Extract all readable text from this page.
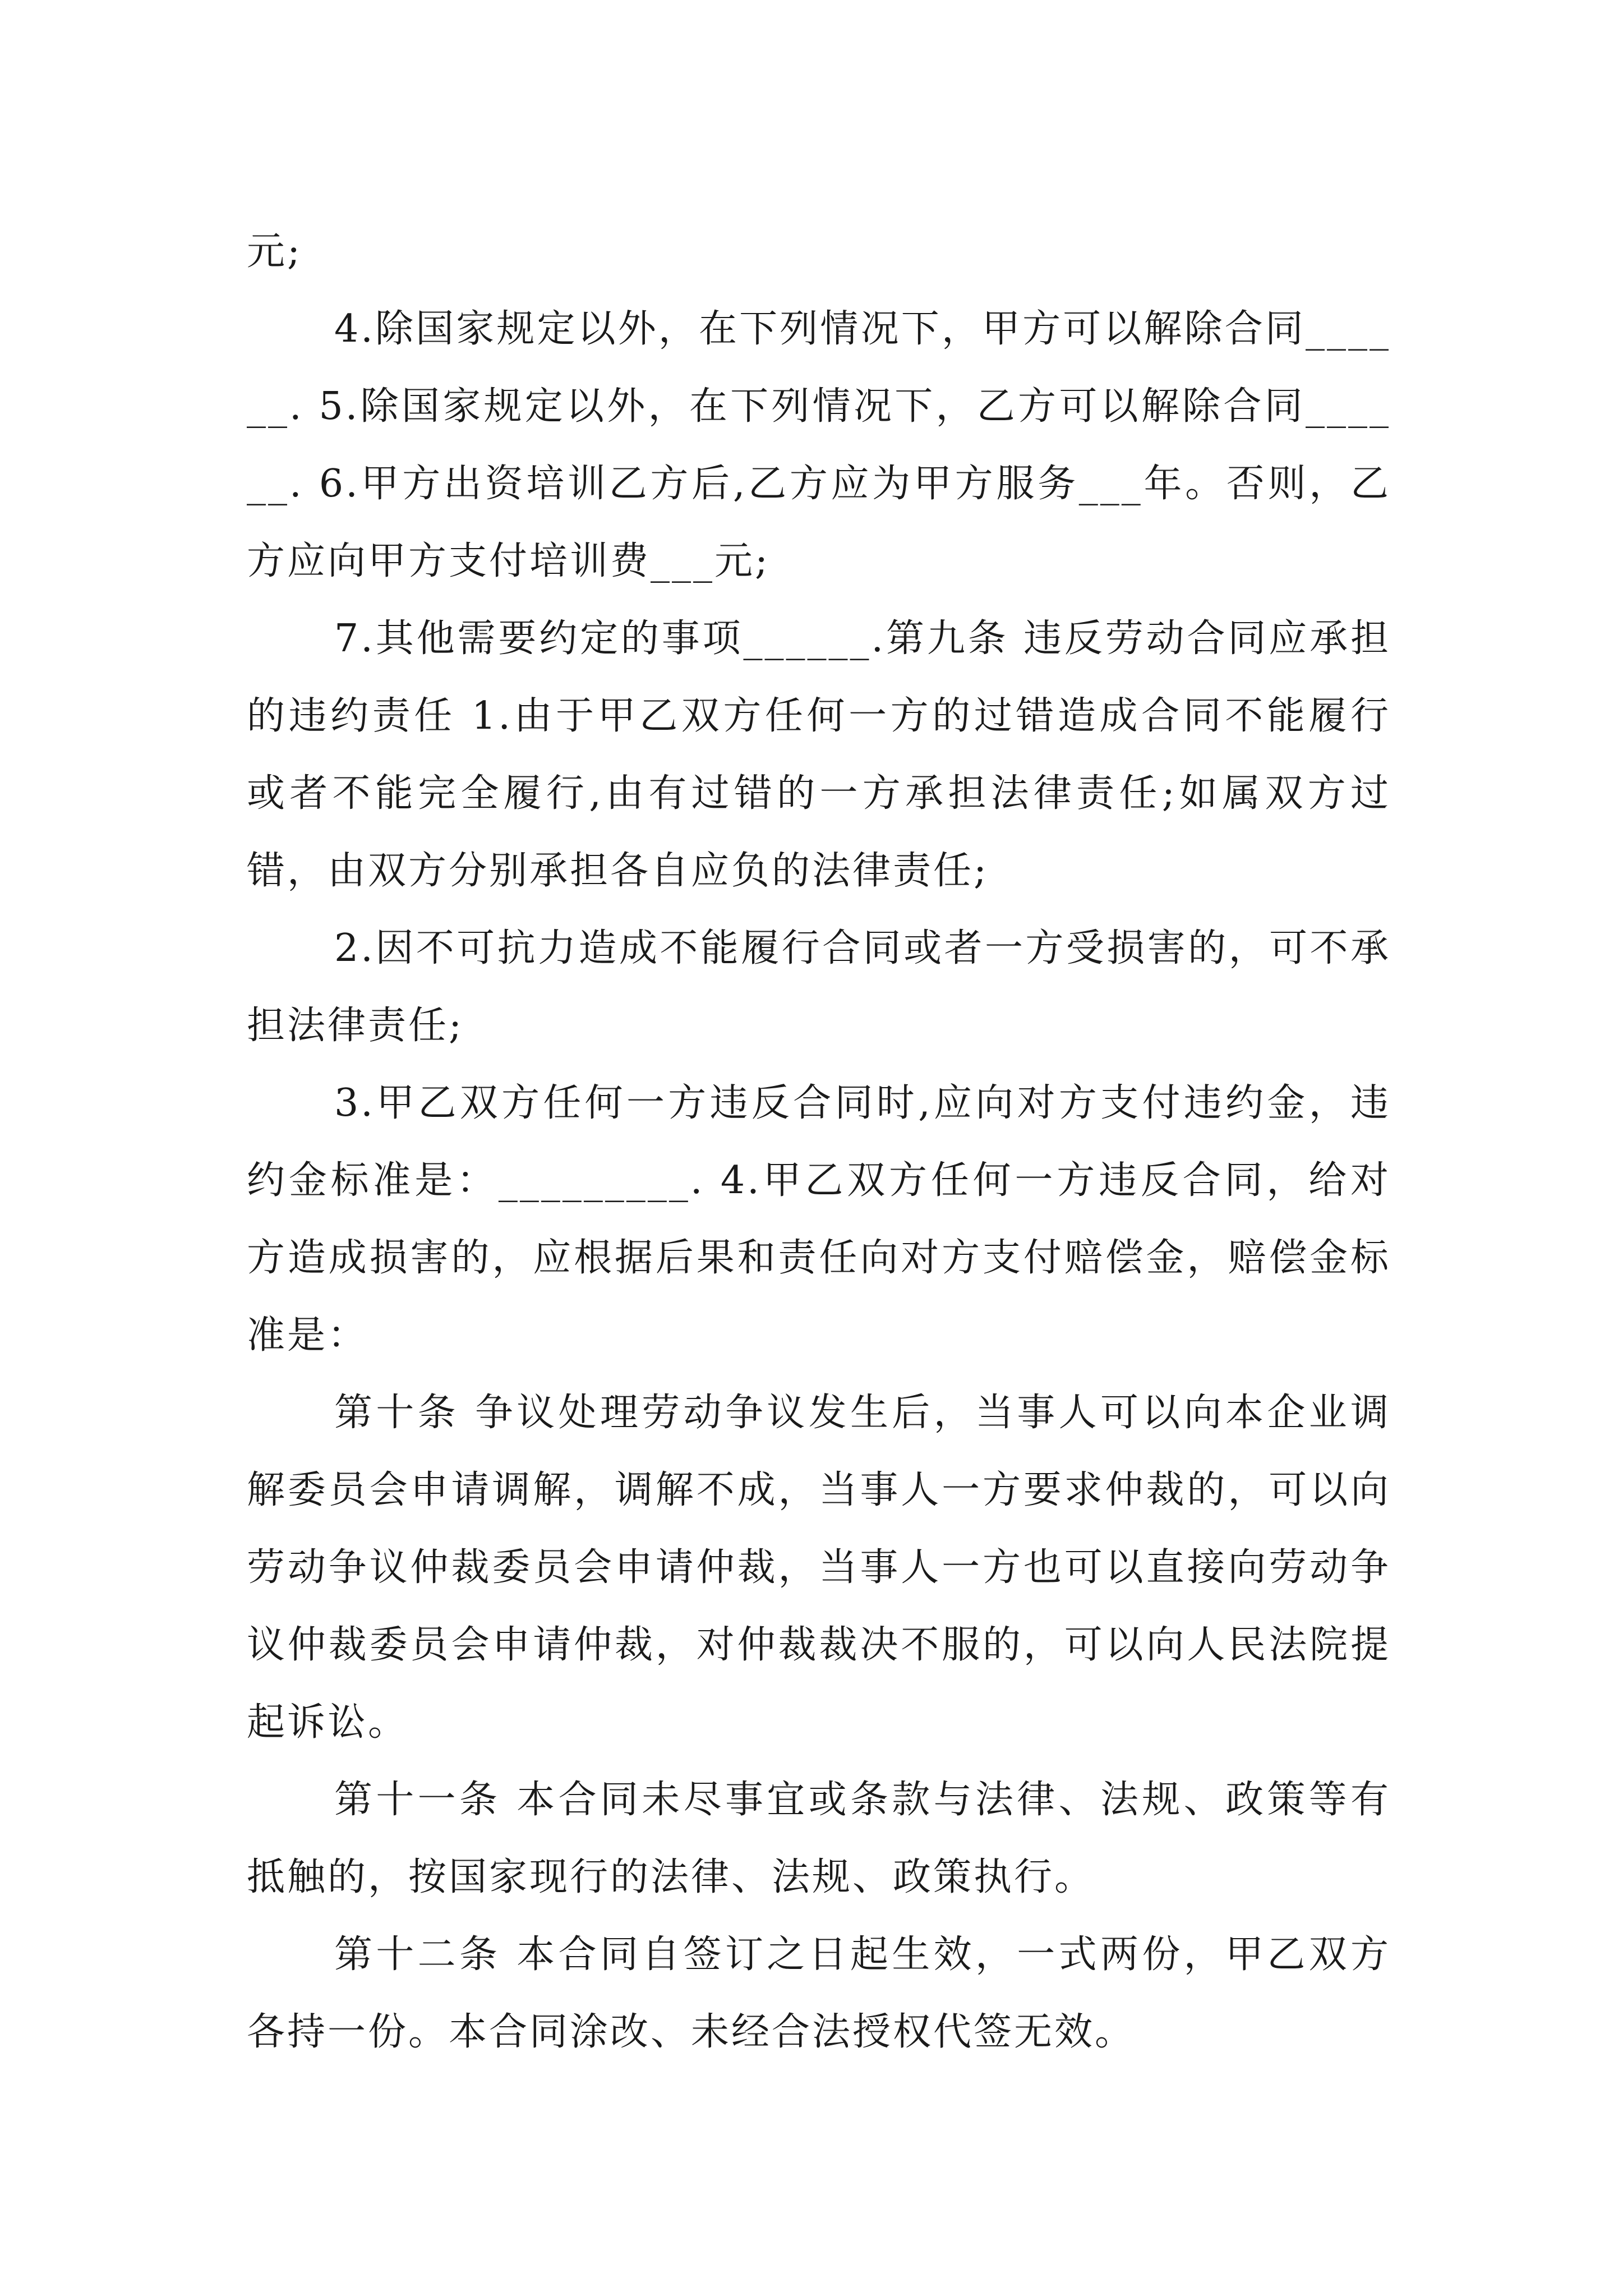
元;

4.除国家规定以外，在下列情况下，甲方可以解除合同______. 5.除国家规定以外，在下列情况下，乙方可以解除合同______. 6.甲方出资培训乙方后,乙方应为甲方服务___年。否则，乙方应向甲方支付培训费___元;

7.其他需要约定的事项______.第九条 违反劳动合同应承担的违约责任 1.由于甲乙双方任何一方的过错造成合同不能履行或者不能完全履行,由有过错的一方承担法律责任;如属双方过错，由双方分别承担各自应负的法律责任;

2.因不可抗力造成不能履行合同或者一方受损害的，可不承担法律责任;

3.甲乙双方任何一方违反合同时,应向对方支付违约金，违约金标准是：_________. 4.甲乙双方任何一方违反合同，给对方造成损害的，应根据后果和责任向对方支付赔偿金，赔偿金标准是：

第十条 争议处理劳动争议发生后，当事人可以向本企业调解委员会申请调解，调解不成，当事人一方要求仲裁的，可以向劳动争议仲裁委员会申请仲裁，当事人一方也可以直接向劳动争议仲裁委员会申请仲裁，对仲裁裁决不服的，可以向人民法院提起诉讼。

第十一条 本合同未尽事宜或条款与法律、法规、政策等有抵触的，按国家现行的法律、法规、政策执行。

第十二条 本合同自签订之日起生效，一式两份，甲乙双方各持一份。本合同涂改、未经合法授权代签无效。
